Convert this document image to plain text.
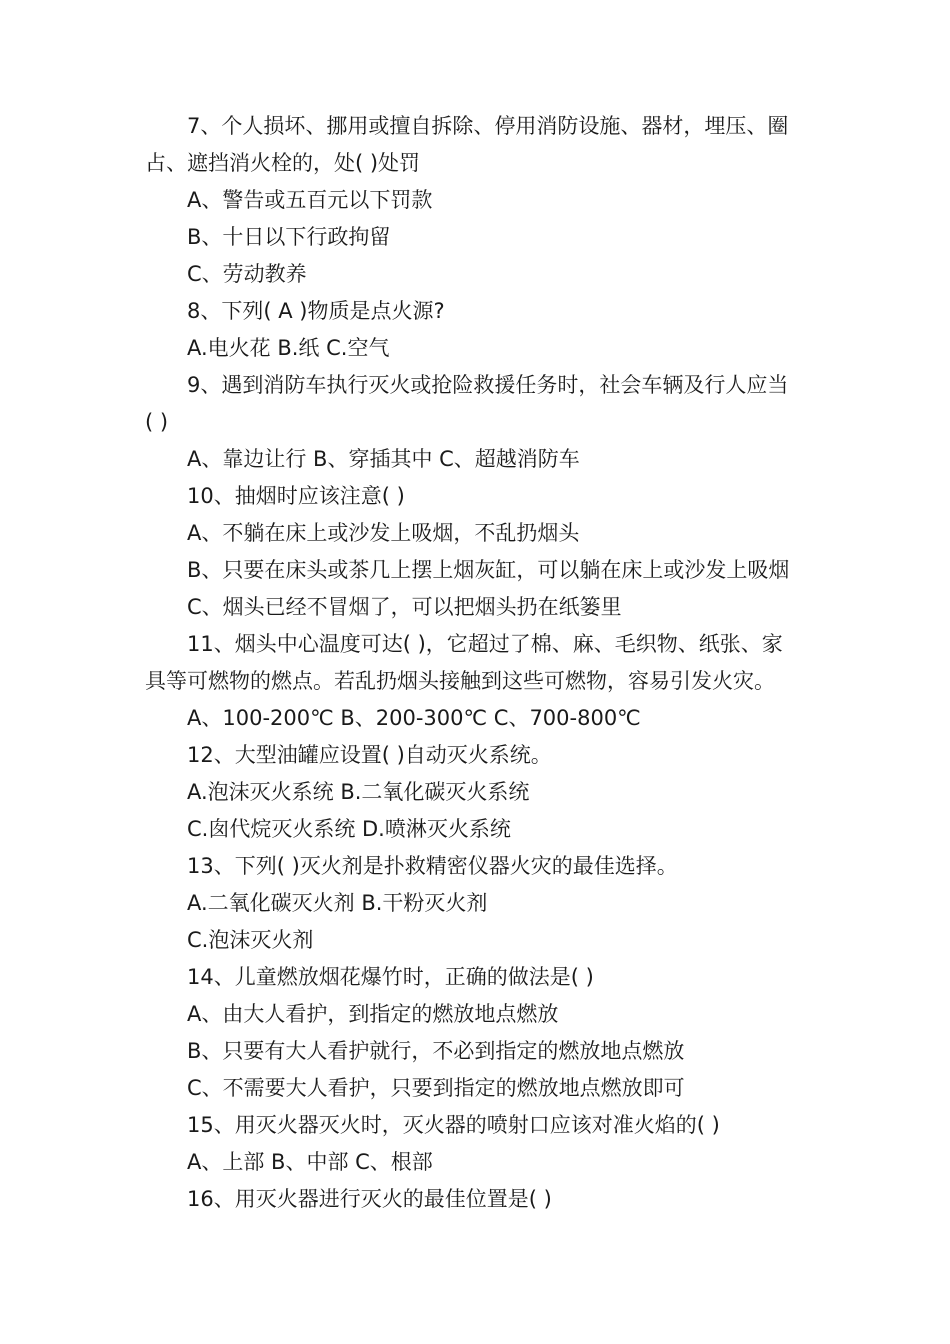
7、个人损坏、挪用或擅自拆除、停用消防设施、器材，埋压、圈
占、遮挡消火栓的，处( )处罚
A、警告或五百元以下罚款
B、十日以下行政拘留
C、劳动教养
8、下列( A )物质是点火源?
A.电火花 B.纸 C.空气
9、遇到消防车执行灭火或抢险救援任务时，社会车辆及行人应当
( )
A、靠边让行 B、穿插其中 C、超越消防车
10、抽烟时应该注意( )
A、不躺在床上或沙发上吸烟，不乱扔烟头
B、只要在床头或茶几上摆上烟灰缸，可以躺在床上或沙发上吸烟
C、烟头已经不冒烟了，可以把烟头扔在纸篓里
11、烟头中心温度可达( )，它超过了棉、麻、毛织物、纸张、家
具等可燃物的燃点。若乱扔烟头接触到这些可燃物，容易引发火灾。
A、100-200℃ B、200-300℃ C、700-800℃
12、大型油罐应设置( )自动灭火系统。
A.泡沫灭火系统 B.二氧化碳灭火系统
C.囱代烷灭火系统 D.喷淋灭火系统
13、下列( )灭火剂是扑救精密仪器火灾的最佳选择。
A.二氧化碳灭火剂 B.干粉灭火剂
C.泡沫灭火剂
14、儿童燃放烟花爆竹时，正确的做法是( )
A、由大人看护，到指定的燃放地点燃放
B、只要有大人看护就行，不必到指定的燃放地点燃放
C、不需要大人看护，只要到指定的燃放地点燃放即可
15、用灭火器灭火时，灭火器的喷射口应该对准火焰的( )
A、上部 B、中部 C、根部
16、用灭火器进行灭火的最佳位置是( )
